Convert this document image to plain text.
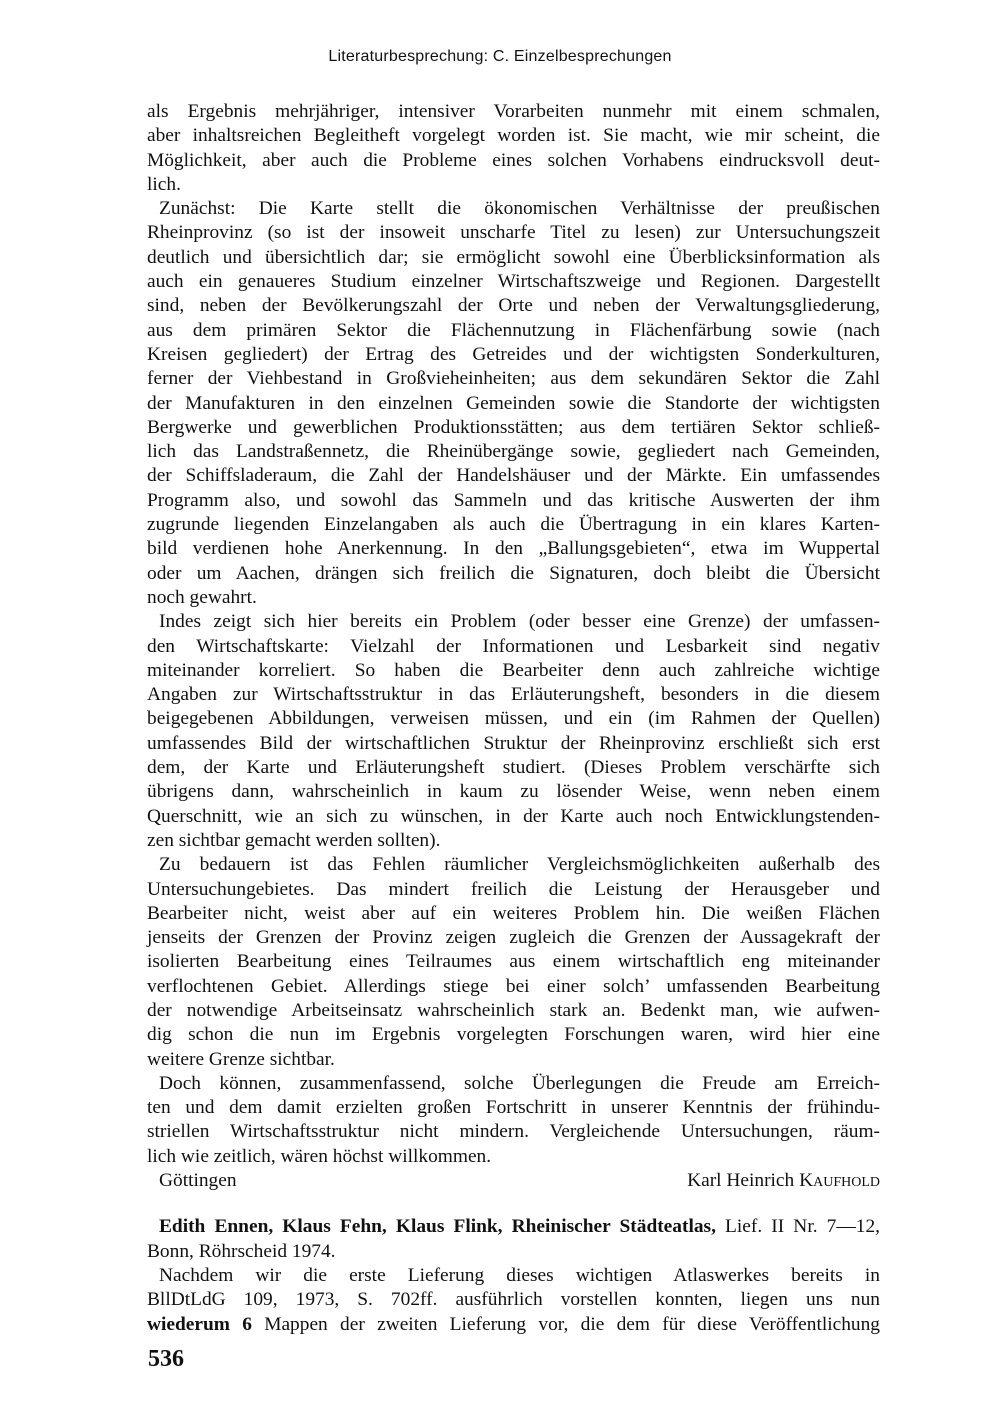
Literaturbesprechung: C. Einzelbesprechungen
als Ergebnis mehrjähriger, intensiver Vorarbeiten nunmehr mit einem schmalen,
aber inhaltsreichen Begleitheft vorgelegt worden ist. Sie macht, wie mir scheint, die
Möglichkeit, aber auch die Probleme eines solchen Vorhabens eindrucksvoll deut-
lich.
Zunächst: Die Karte stellt die ökonomischen Verhältnisse der preußischen
Rheinprovinz (so ist der insoweit unscharfe Titel zu lesen) zur Untersuchungszeit
deutlich und übersichtlich dar; sie ermöglicht sowohl eine Überblicksinformation als
auch ein genaueres Studium einzelner Wirtschaftszweige und Regionen. Dargestellt
sind, neben der Bevölkerungszahl der Orte und neben der Verwaltungsgliederung,
aus dem primären Sektor die Flächennutzung in Flächenfärbung sowie (nach
Kreisen gegliedert) der Ertrag des Getreides und der wichtigsten Sonderkulturen,
ferner der Viehbestand in Großvieheinheiten; aus dem sekundären Sektor die Zahl
der Manufakturen in den einzelnen Gemeinden sowie die Standorte der wichtigsten
Bergwerke und gewerblichen Produktionsstätten; aus dem tertiären Sektor schließ-
lich das Landstraßennetz, die Rheinübergänge sowie, gegliedert nach Gemeinden,
der Schiffsladeraum, die Zahl der Handelshäuser und der Märkte. Ein umfassendes
Programm also, und sowohl das Sammeln und das kritische Auswerten der ihm
zugrunde liegenden Einzelangaben als auch die Übertragung in ein klares Karten-
bild verdienen hohe Anerkennung. In den „Ballungsgebieten“, etwa im Wuppertal
oder um Aachen, drängen sich freilich die Signaturen, doch bleibt die Übersicht
noch gewahrt.
Indes zeigt sich hier bereits ein Problem (oder besser eine Grenze) der umfassen-
den Wirtschaftskarte: Vielzahl der Informationen und Lesbarkeit sind negativ
miteinander korreliert. So haben die Bearbeiter denn auch zahlreiche wichtige
Angaben zur Wirtschaftsstruktur in das Erläuterungsheft, besonders in die diesem
beigegebenen Abbildungen, verweisen müssen, und ein (im Rahmen der Quellen)
umfassendes Bild der wirtschaftlichen Struktur der Rheinprovinz erschließt sich erst
dem, der Karte und Erläuterungsheft studiert. (Dieses Problem verschärfte sich
übrigens dann, wahrscheinlich in kaum zu lösender Weise, wenn neben einem
Querschnitt, wie an sich zu wünschen, in der Karte auch noch Entwicklungstenden-
zen sichtbar gemacht werden sollten).
Zu bedauern ist das Fehlen räumlicher Vergleichsmöglichkeiten außerhalb des
Untersuchungebietes. Das mindert freilich die Leistung der Herausgeber und
Bearbeiter nicht, weist aber auf ein weiteres Problem hin. Die weißen Flächen
jenseits der Grenzen der Provinz zeigen zugleich die Grenzen der Aussagekraft der
isolierten Bearbeitung eines Teilraumes aus einem wirtschaftlich eng miteinander
verflochtenen Gebiet. Allerdings stiege bei einer solch’ umfassenden Bearbeitung
der notwendige Arbeitseinsatz wahrscheinlich stark an. Bedenkt man, wie aufwen-
dig schon die nun im Ergebnis vorgelegten Forschungen waren, wird hier eine
weitere Grenze sichtbar.
Doch können, zusammenfassend, solche Überlegungen die Freude am Erreich-
ten und dem damit erzielten großen Fortschritt in unserer Kenntnis der frühindu-
striellen Wirtschaftsstruktur nicht mindern. Vergleichende Untersuchungen, räum-
lich wie zeitlich, wären höchst willkommen.
Göttingen	Karl Heinrich Kaufhold
Edith Ennen, Klaus Fehn, Klaus Flink, Rheinischer Städteatlas, Lief. II Nr. 7—12,
Bonn, Röhrscheid 1974.
Nachdem wir die erste Lieferung dieses wichtigen Atlaswerkes bereits in
BllDtLdG 109, 1973, S. 702ff. ausführlich vorstellen konnten, liegen uns nun
wiederum 6 Mappen der zweiten Lieferung vor, die dem für diese Veröffentlichung
536
